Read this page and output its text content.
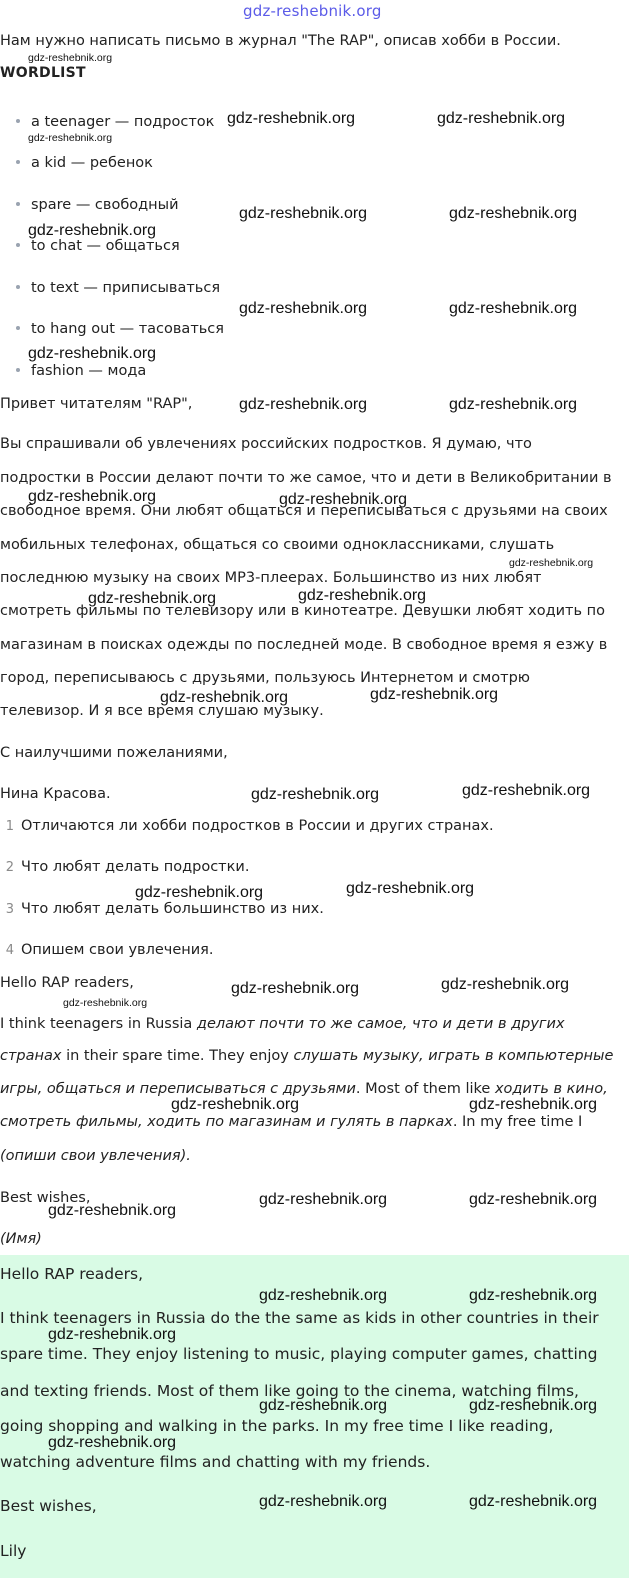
gdz-reshebnik.org
Нам нужно написать письмо в журнал "The RAP", описав хобби в России.
WORDLIST
a teenager — подросток
a kid — ребенок
spare — свободный
to chat — общаться
to text — приписываться
to hang out — тасоваться
fashion — мода
Привет читателям "RAP",
Вы спрашивали об увлечениях российских подростков. Я думаю, что
подростки в России делают почти то же самое, что и дети в Великобритании в
свободное время. Они любят общаться и переписываться с друзьями на своих
мобильных телефонах, общаться со своими одноклассниками, слушать
последнюю музыку на своих MP3-плеерах. Большинство из них любят
смотреть фильмы по телевизору или в кинотеатре. Девушки любят ходить по
магазинам в поисках одежды по последней моде. В свободное время я езжу в
город, переписываюсь с друзьями, пользуюсь Интернетом и смотрю
телевизор. И я все время слушаю музыку.
С наилучшими пожеланиями,
Нина Красова.
1 Отличаются ли хобби подростков в России и других странах.
2 Что любят делать подростки.
3 Что любят делать большинство из них.
4 Опишем свои увлечения.
Hello RAP readers,
I think teenagers in Russia делают почти то же самое, что и дети в других
странах in their spare time. They enjoy слушать музыку, играть в компьютерные
игры, общаться и переписываться с друзьями. Most of them like ходить в кино,
смотреть фильмы, ходить по магазинам и гулять в парках. In my free time I
(опиши свои увлечения).
Best wishes,
(Имя)
Hello RAP readers,
I think teenagers in Russia do the the same as kids in other countries in their
spare time. They enjoy listening to music, playing computer games, chatting
and texting friends. Most of them like going to the cinema, watching films,
going shopping and walking in the parks. In my free time I like reading,
watching adventure films and chatting with my friends.
Best wishes,
Lily
gdz-reshebnik.org
gdz-reshebnik.org	gdz-reshebnik.org
gdz-reshebnik.org
gdz-reshebnik.org	gdz-reshebnik.org
gdz-reshebnik.org
gdz-reshebnik.org	gdz-reshebnik.org
gdz-reshebnik.org
gdz-reshebnik.org	gdz-reshebnik.org
gdz-reshebnik.org	gdz-reshebnik.org
gdz-reshebnik.org
gdz-reshebnik.org
gdz-reshebnik.org
gdz-reshebnik.org
gdz-reshebnik.org
gdz-reshebnik.org
gdz-reshebnik.org
gdz-reshebnik.org
gdz-reshebnik.org
gdz-reshebnik.org
gdz-reshebnik.org
gdz-reshebnik.org
gdz-reshebnik.org	gdz-reshebnik.org
gdz-reshebnik.org	gdz-reshebnik.org
gdz-reshebnik.org
gdz-reshebnik.org	gdz-reshebnik.org
gdz-reshebnik.org
gdz-reshebnik.org	gdz-reshebnik.org
gdz-reshebnik.org
gdz-reshebnik.org	gdz-reshebnik.org
